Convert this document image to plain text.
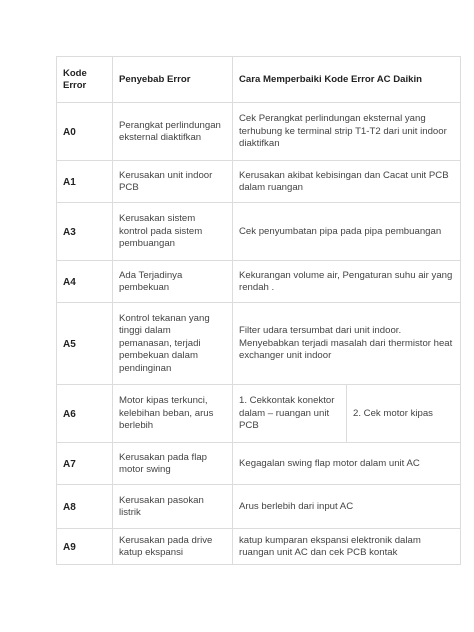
Kode Error	Penyebab Error	Cara Memperbaiki Kode Error AC Daikin	
A0	Perangkat perlindungan eksternal diaktifkan	Cek Perangkat perlindungan eksternal yang terhubung ke terminal strip T1-T2 dari unit indoor diaktifkan	
A1	Kerusakan unit indoor PCB	Kerusakan akibat kebisingan dan Cacat unit PCB dalam ruangan	
A3	Kerusakan sistem kontrol pada sistem pembuangan	Cek penyumbatan pipa pada pipa pembuangan	
A4	Ada Terjadinya pembekuan	Kekurangan volume air, Pengaturan suhu air yang rendah .	
A5	Kontrol tekanan yang tinggi dalam pemanasan, terjadi pembekuan dalam pendinginan	Filter udara tersumbat dari unit indoor. Menyebabkan terjadi masalah dari thermistor heat exchanger unit indoor	
A6	Motor kipas terkunci, kelebihan beban, arus berlebih	1. Cekkontak konektor dalam – ruangan unit PCB	2. Cek motor kipas
A7	Kerusakan pada flap motor swing	Kegagalan swing flap motor dalam unit AC	
A8	Kerusakan pasokan listrik	Arus berlebih dari input AC	
A9	Kerusakan pada drive katup ekspansi	katup kumparan ekspansi elektronik dalam ruangan unit AC dan cek PCB kontak	
